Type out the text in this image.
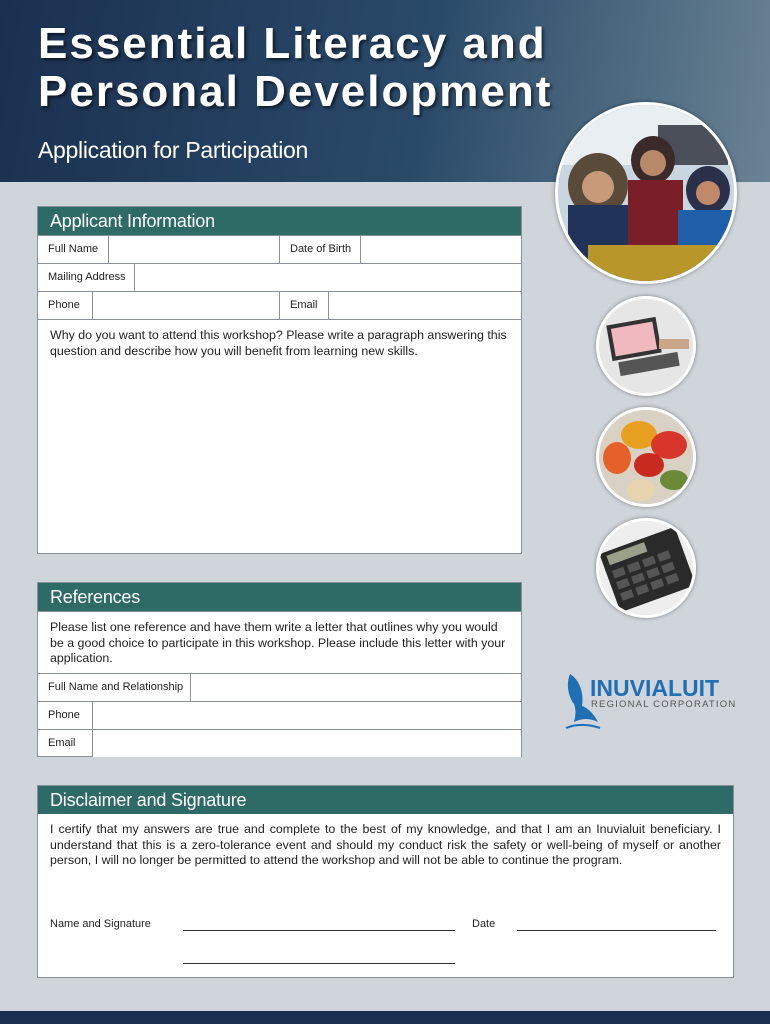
Essential Literacy and
Personal Development
Application for Participation
Applicant Information
Full Name	Date of Birth
Mailing Address
Phone	Email
Why do you want to attend this workshop? Please write a paragraph answering this question and describe how you will benefit from learning new skills.
References
Please list one reference and have them write a letter that outlines why you would be a good choice to participate in this workshop. Please include this letter with your application.
Full Name and Relationship
Phone
Email
INUVIALUIT
REGIONAL CORPORATION
Disclaimer and Signature
I certify that my answers are true and complete to the best of my knowledge, and that I am an Inuvialuit beneficiary. I understand that this is a zero-tolerance event and should my conduct risk the safety or well-being of myself or another person, I will no longer be permitted to attend the workshop and will not be able to continue the program.
Name and Signature	Date
